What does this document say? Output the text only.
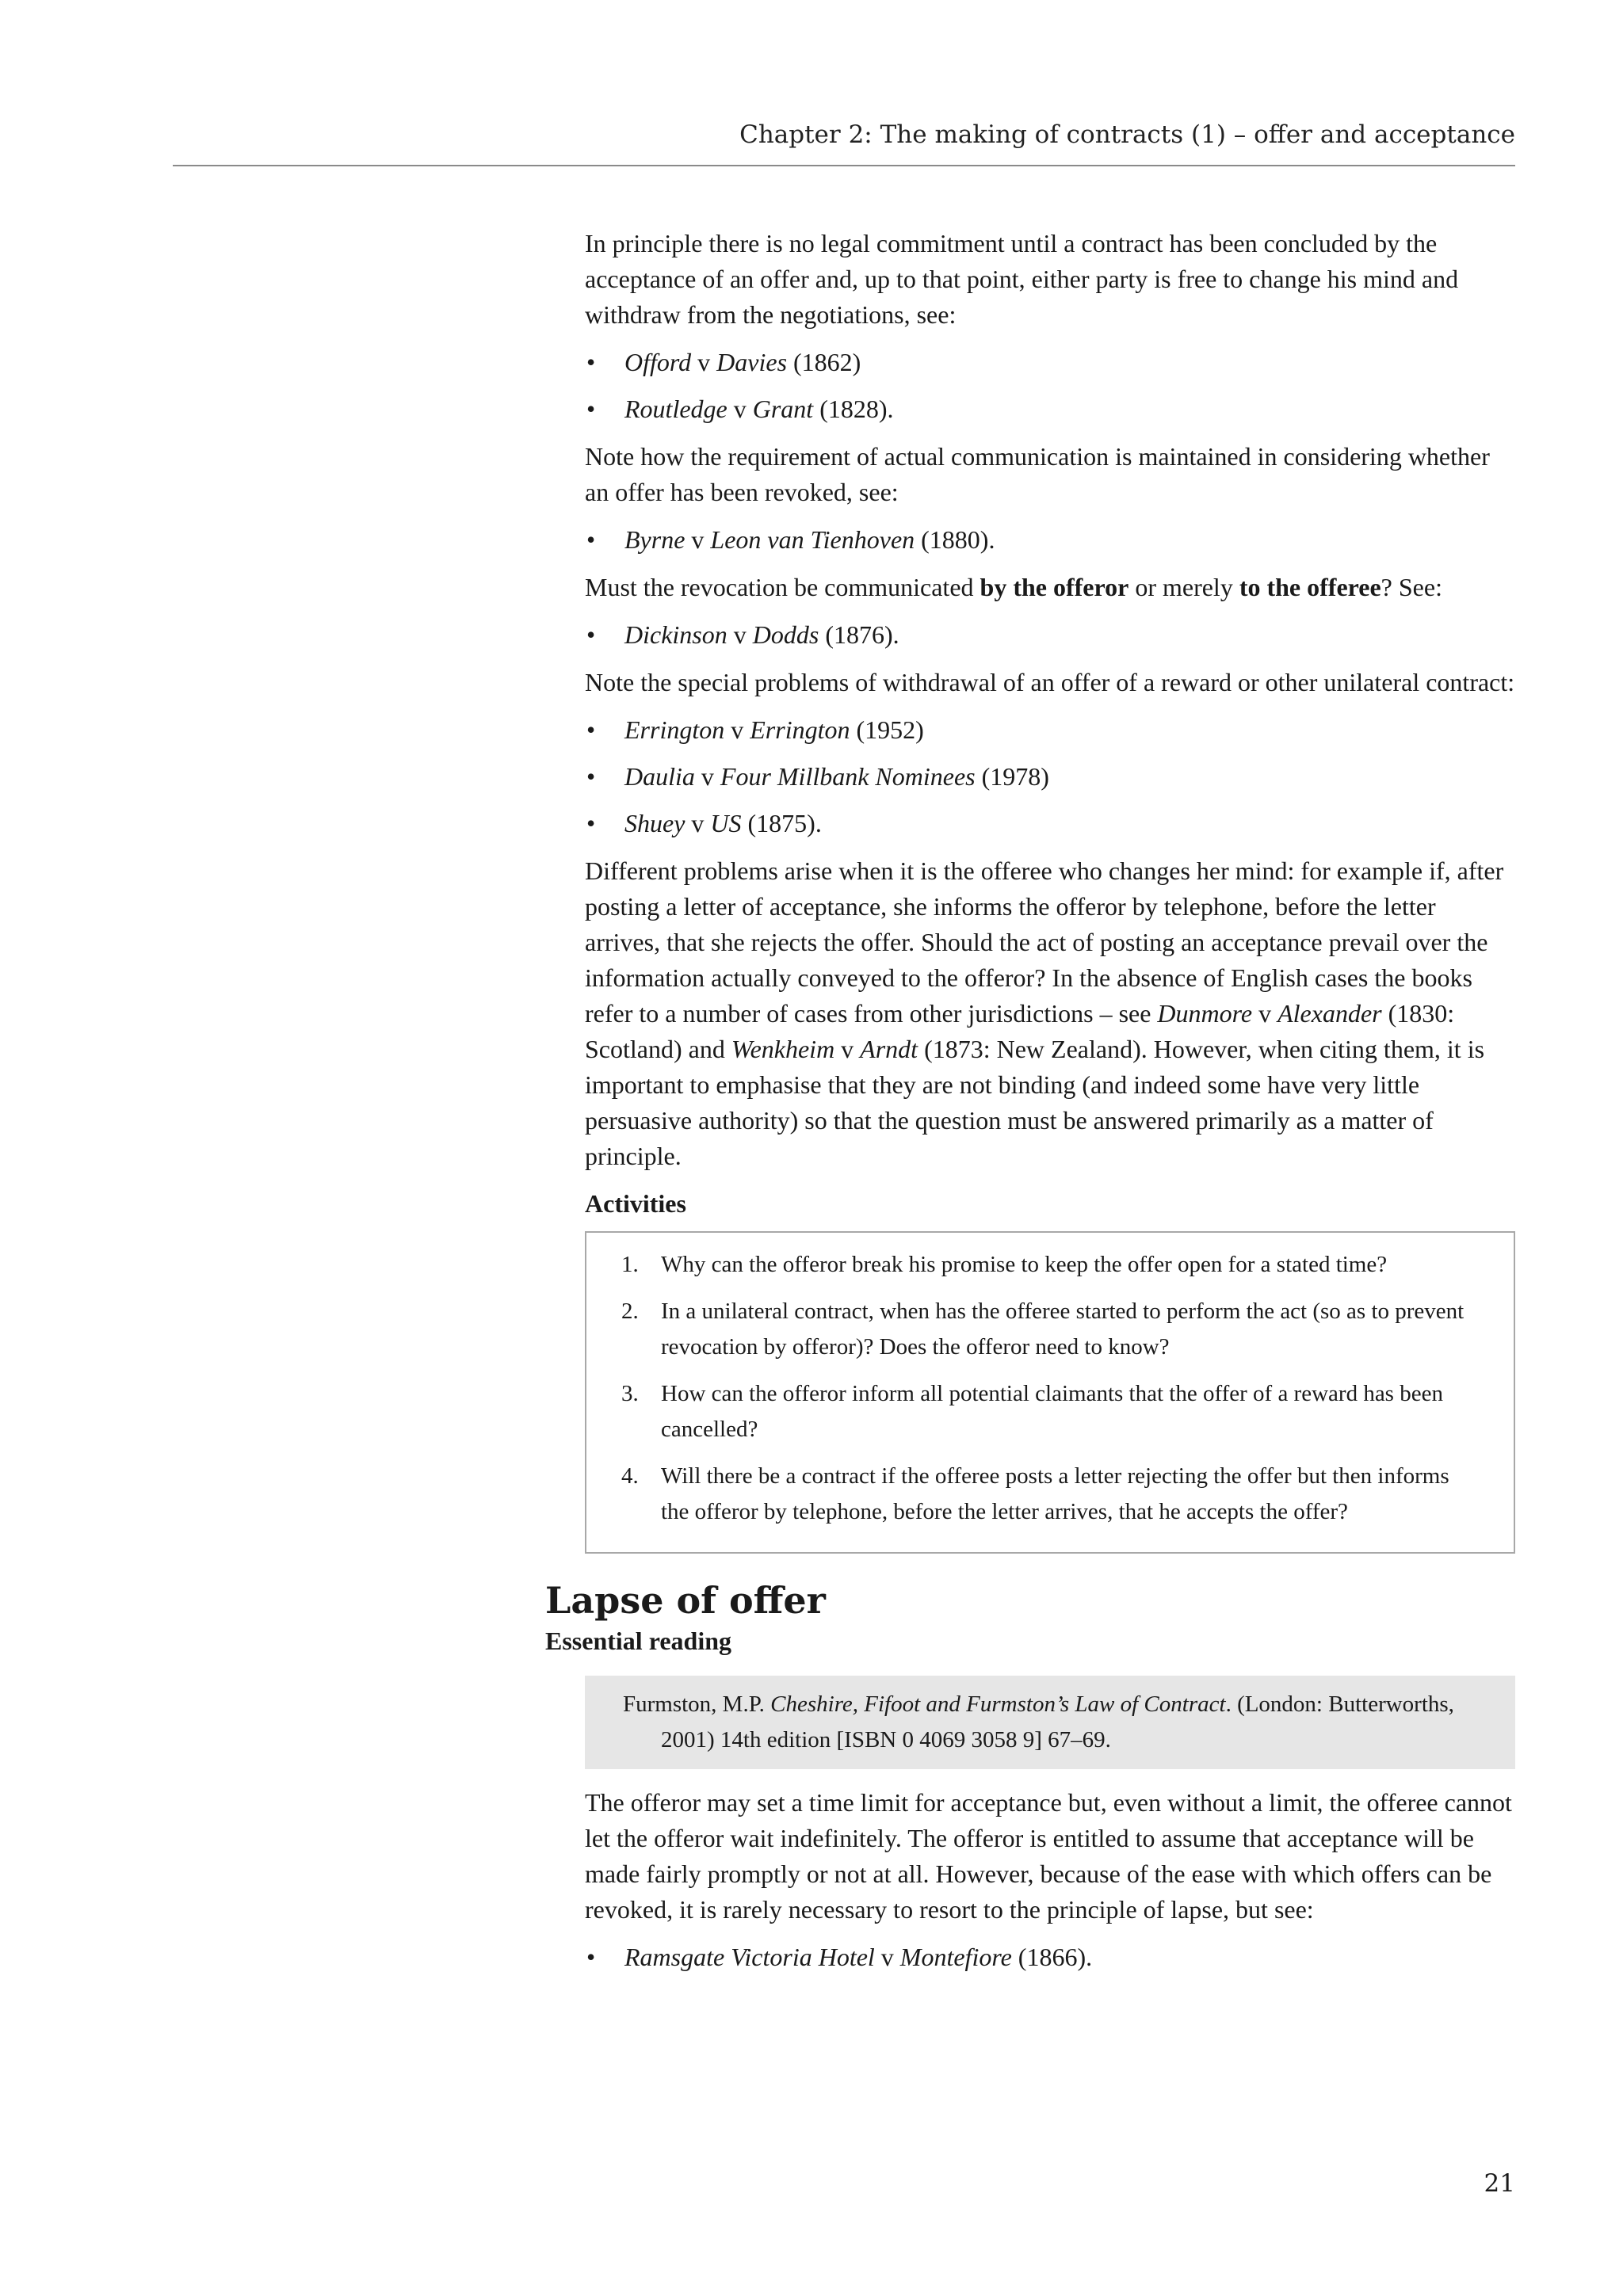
Chapter 2: The making of contracts (1) – offer and acceptance

In principle there is no legal commitment until a contract has been concluded by the acceptance of an offer and, up to that point, either party is free to change his mind and withdraw from the negotiations, see:

• Offord v Davies (1862)
• Routledge v Grant (1828).

Note how the requirement of actual communication is maintained in considering whether an offer has been revoked, see:

• Byrne v Leon van Tienhoven (1880).

Must the revocation be communicated by the offeror or merely to the offeree? See:

• Dickinson v Dodds (1876).

Note the special problems of withdrawal of an offer of a reward or other unilateral contract:

• Errington v Errington (1952)
• Daulia v Four Millbank Nominees (1978)
• Shuey v US (1875).

Different problems arise when it is the offeree who changes her mind: for example if, after posting a letter of acceptance, she informs the offeror by telephone, before the letter arrives, that she rejects the offer. Should the act of posting an acceptance prevail over the information actually conveyed to the offeror? In the absence of English cases the books refer to a number of cases from other jurisdictions – see Dunmore v Alexander (1830: Scotland) and Wenkheim v Arndt (1873: New Zealand). However, when citing them, it is important to emphasise that they are not binding (and indeed some have very little persuasive authority) so that the question must be answered primarily as a matter of principle.

Activities
1. Why can the offeror break his promise to keep the offer open for a stated time?
2. In a unilateral contract, when has the offeree started to perform the act (so as to prevent revocation by offeror)? Does the offeror need to know?
3. How can the offeror inform all potential claimants that the offer of a reward has been cancelled?
4. Will there be a contract if the offeree posts a letter rejecting the offer but then informs the offeror by telephone, before the letter arrives, that he accepts the offer?
Lapse of offer
Essential reading
Furmston, M.P. Cheshire, Fifoot and Furmston’s Law of Contract. (London: Butterworths, 2001) 14th edition [ISBN 0 4069 3058 9] 67–69.

The offeror may set a time limit for acceptance but, even without a limit, the offeree cannot let the offeror wait indefinitely. The offeror is entitled to assume that acceptance will be made fairly promptly or not at all. However, because of the ease with which offers can be revoked, it is rarely necessary to resort to the principle of lapse, but see:

• Ramsgate Victoria Hotel v Montefiore (1866).
21
